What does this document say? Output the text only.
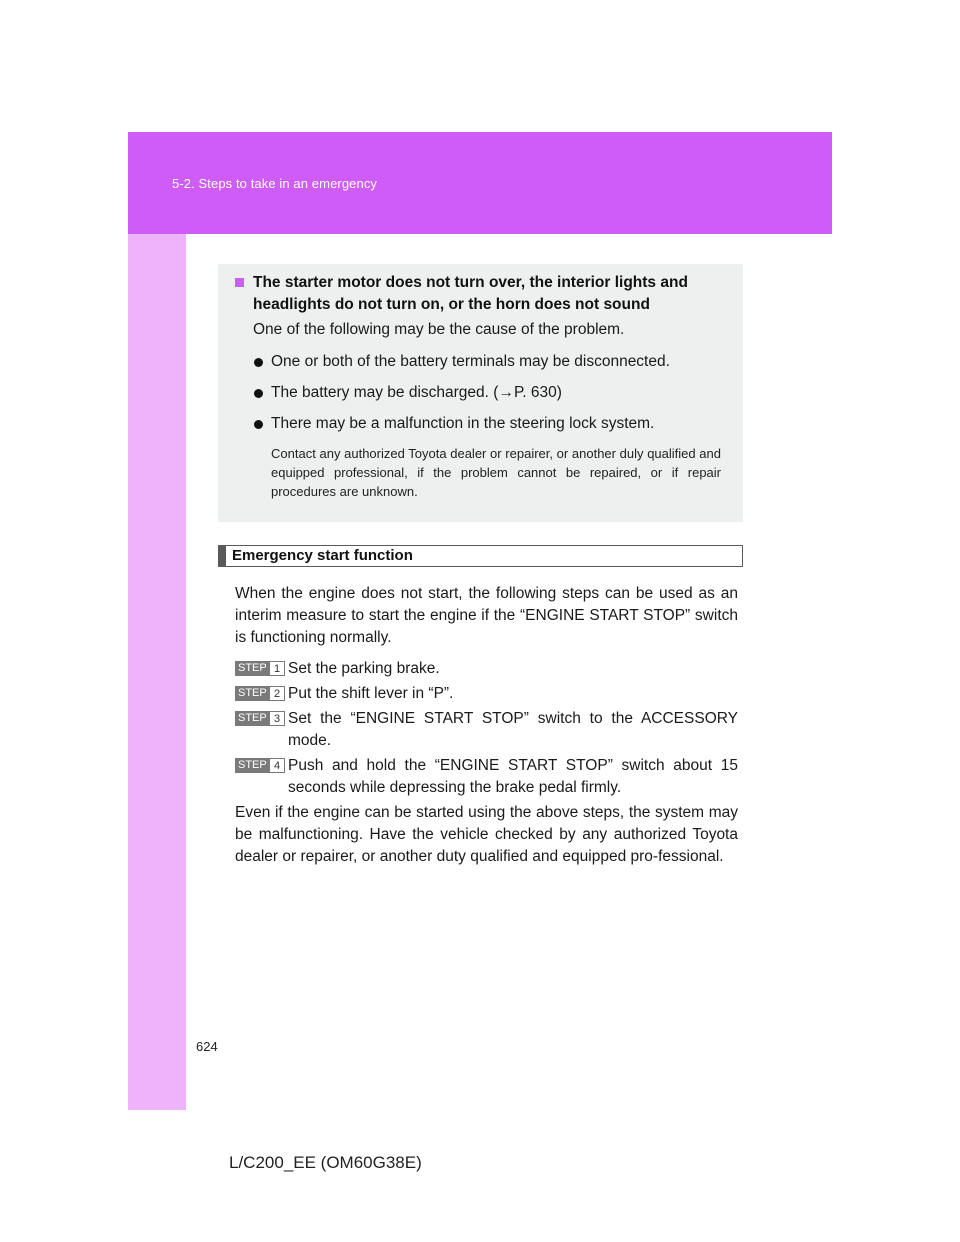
5-2. Steps to take in an emergency
The starter motor does not turn over, the interior lights and headlights do not turn on, or the horn does not sound
One of the following may be the cause of the problem.
One or both of the battery terminals may be disconnected.
The battery may be discharged. (→P. 630)
There may be a malfunction in the steering lock system.
Contact any authorized Toyota dealer or repairer, or another duly qualified and equipped professional, if the problem cannot be repaired, or if repair procedures are unknown.
Emergency start function
When the engine does not start, the following steps can be used as an interim measure to start the engine if the “ENGINE START STOP” switch is functioning normally.
STEP 1 Set the parking brake.
STEP 2 Put the shift lever in “P”.
STEP 3 Set the “ENGINE START STOP” switch to the ACCESSORY mode.
STEP 4 Push and hold the “ENGINE START STOP” switch about 15 seconds while depressing the brake pedal firmly.
Even if the engine can be started using the above steps, the system may be malfunctioning. Have the vehicle checked by any authorized Toyota dealer or repairer, or another duty qualified and equipped pro-fessional.
624
L/C200_EE (OM60G38E)
